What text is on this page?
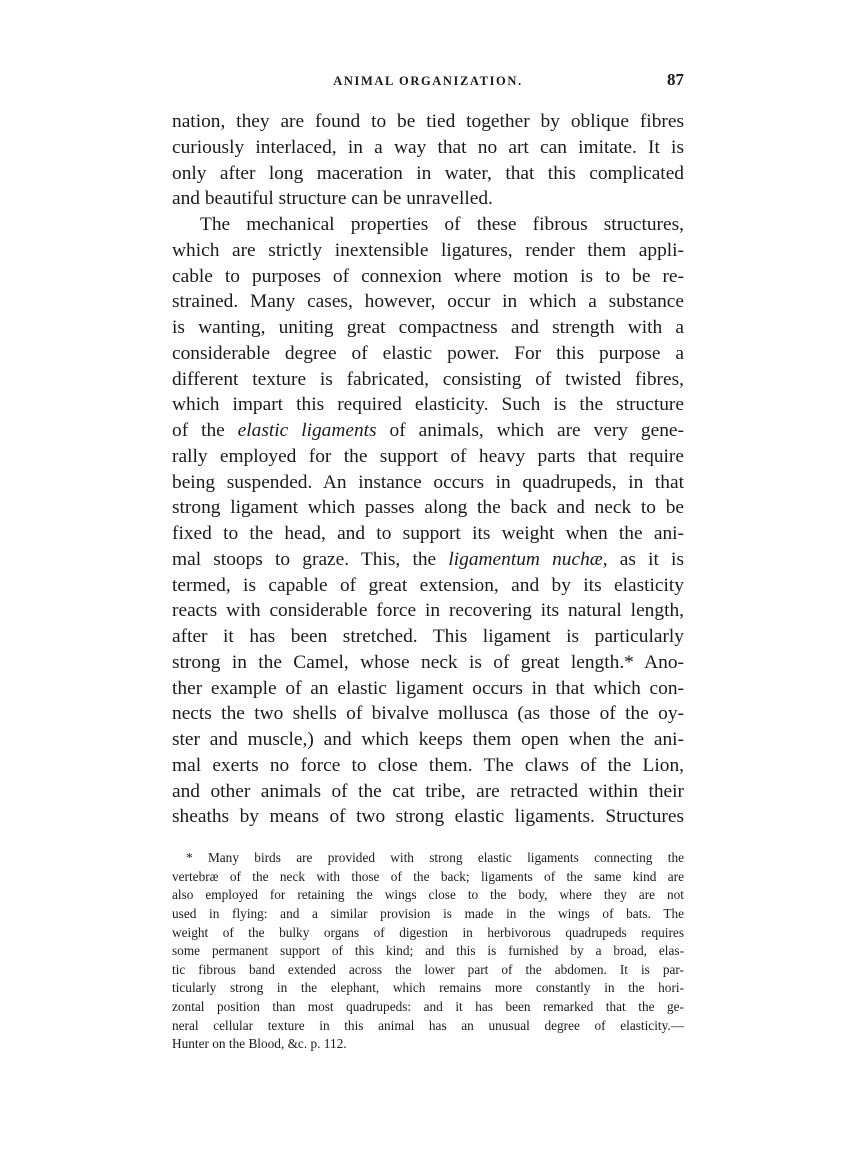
ANIMAL ORGANIZATION.	87
nation, they are found to be tied together by oblique fibres
curiously interlaced, in a way that no art can imitate. It is
only after long maceration in water, that this complicated
and beautiful structure can be unravelled.
The mechanical properties of these fibrous structures,
which are strictly inextensible ligatures, render them appli-
cable to purposes of connexion where motion is to be re-
strained. Many cases, however, occur in which a substance
is wanting, uniting great compactness and strength with a
considerable degree of elastic power. For this purpose a
different texture is fabricated, consisting of twisted fibres,
which impart this required elasticity. Such is the structure
of the elastic ligaments of animals, which are very gene-
rally employed for the support of heavy parts that require
being suspended. An instance occurs in quadrupeds, in that
strong ligament which passes along the back and neck to be
fixed to the head, and to support its weight when the ani-
mal stoops to graze. This, the ligamentum nuchæ, as it is
termed, is capable of great extension, and by its elasticity
reacts with considerable force in recovering its natural length,
after it has been stretched. This ligament is particularly
strong in the Camel, whose neck is of great length.* Ano-
ther example of an elastic ligament occurs in that which con-
nects the two shells of bivalve mollusca (as those of the oy-
ster and muscle,) and which keeps them open when the ani-
mal exerts no force to close them. The claws of the Lion,
and other animals of the cat tribe, are retracted within their
sheaths by means of two strong elastic ligaments. Structures
* Many birds are provided with strong elastic ligaments connecting the
vertebræ of the neck with those of the back; ligaments of the same kind are
also employed for retaining the wings close to the body, where they are not
used in flying: and a similar provision is made in the wings of bats. The
weight of the bulky organs of digestion in herbivorous quadrupeds requires
some permanent support of this kind; and this is furnished by a broad, elas-
tic fibrous band extended across the lower part of the abdomen. It is par-
ticularly strong in the elephant, which remains more constantly in the hori-
zontal position than most quadrupeds: and it has been remarked that the ge-
neral cellular texture in this animal has an unusual degree of elasticity.—
Hunter on the Blood, &c. p. 112.
